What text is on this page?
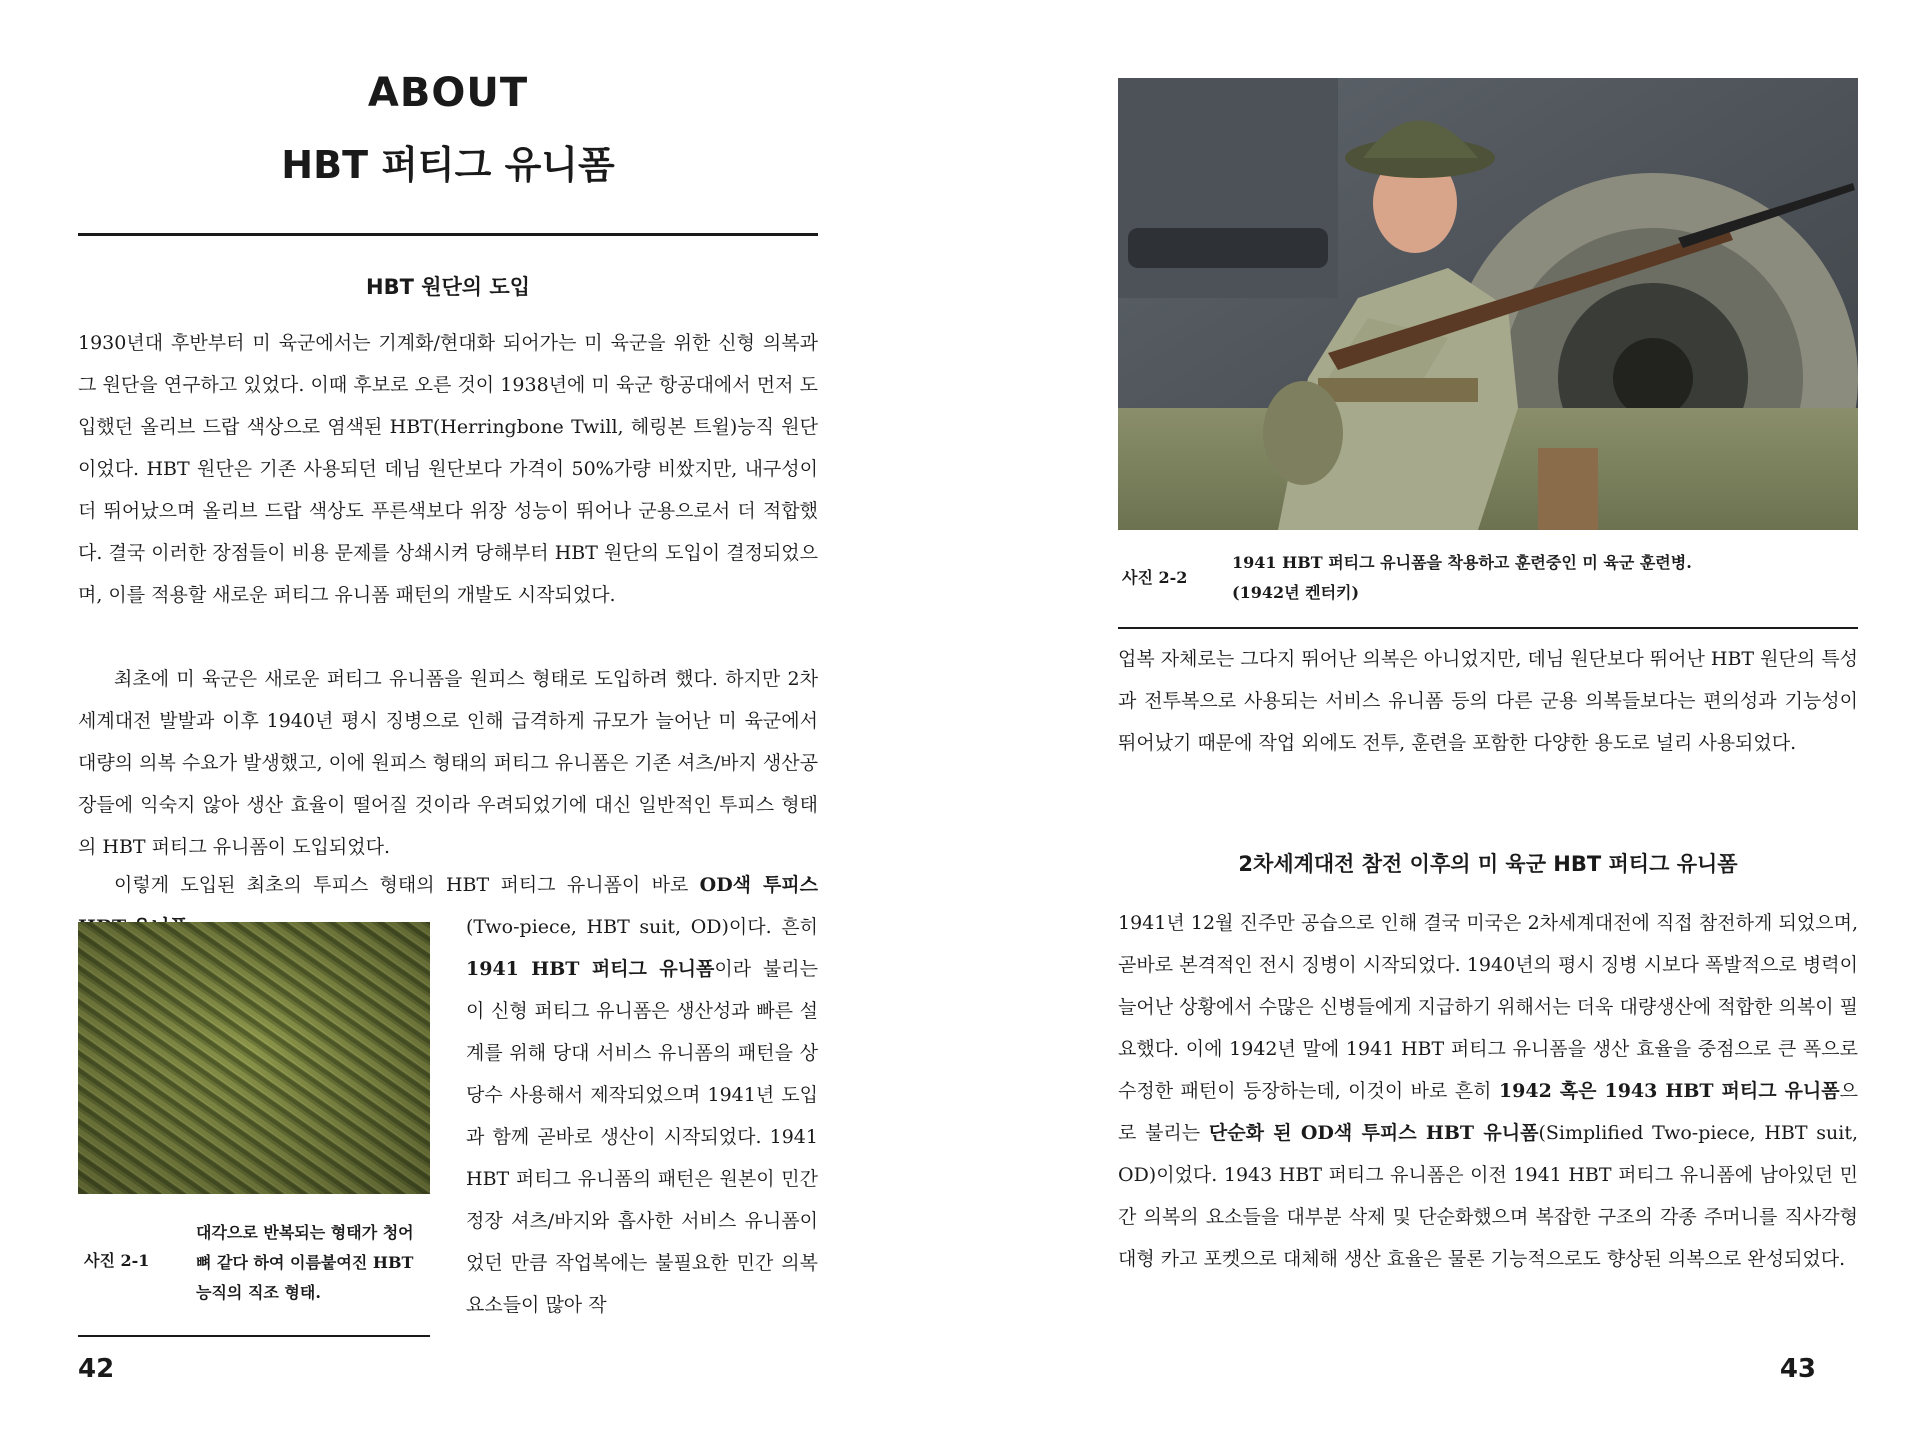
ABOUT
HBT 퍼티그 유니폼
HBT 원단의 도입

1930년대 후반부터 미 육군에서는 기계화/현대화 되어가는 미 육군을 위한 신형 의복과 그 원단을 연구하고 있었다. 이때 후보로 오른 것이 1938년에 미 육군 항공대에서 먼저 도입했던 올리브 드랍 색상으로 염색된 HBT(Herringbone Twill, 헤링본 트윌)능직 원단이었다. HBT 원단은 기존 사용되던 데님 원단보다 가격이 50%가량 비쌌지만, 내구성이 더 뛰어났으며 올리브 드랍 색상도 푸른색보다 위장 성능이 뛰어나 군용으로서 더 적합했다. 결국 이러한 장점들이 비용 문제를 상쇄시켜 당해부터 HBT 원단의 도입이 결정되었으며, 이를 적용할 새로운 퍼티그 유니폼 패턴의 개발도 시작되었다.

최초에 미 육군은 새로운 퍼티그 유니폼을 원피스 형태로 도입하려 했다. 하지만 2차세계대전 발발과 이후 1940년 평시 징병으로 인해 급격하게 규모가 늘어난 미 육군에서 대량의 의복 수요가 발생했고, 이에 원피스 형태의 퍼티그 유니폼은 기존 셔츠/바지 생산공장들에 익숙지 않아 생산 효율이 떨어질 것이라 우려되었기에 대신 일반적인 투피스 형태의 HBT 퍼티그 유니폼이 도입되었다.

이렇게 도입된 최초의 투피스 형태의 HBT 퍼티그 유니폼이 바로 OD색 투피스

(Two-piece, HBT suit, OD)이다. 흔히 1941 HBT 퍼티그 유니폼이라 불리는 이 신형 퍼티그 유니폼은 생산성과 빠른 설계를 위해 당대 서비스 유니폼의 패턴을 상당수 사용해서 제작되었으며 1941년 도입과 함께 곧바로 생산이 시작되었다. 1941 HBT 퍼티그 유니폼의 패턴은 원본이 민간 정장 셔츠/바지와 흡사한 서비스 유니폼이었던 만큼 작업복에는 불필요한 민간 의복 요소들이 많아 작

사진 2-1
대각으로 반복되는 형태가 청어 뼈 같다 하여 이름붙여진 HBT 능직의 직조 형태.
42
사진 2-2
1941 HBT 퍼티그 유니폼을 착용하고 훈련중인 미 육군 훈련병.
(1942년 켄터키)

업복 자체로는 그다지 뛰어난 의복은 아니었지만, 데님 원단보다 뛰어난 HBT 원단의 특성과 전투복으로 사용되는 서비스 유니폼 등의 다른 군용 의복들보다는 편의성과 기능성이 뛰어났기 때문에 작업 외에도 전투, 훈련을 포함한 다양한 용도로 널리 사용되었다.

2차세계대전 참전 이후의 미 육군 HBT 퍼티그 유니폼

1941년 12월 진주만 공습으로 인해 결국 미국은 2차세계대전에 직접 참전하게 되었으며, 곧바로 본격적인 전시 징병이 시작되었다. 1940년의 평시 징병 시보다 폭발적으로 병력이 늘어난 상황에서 수많은 신병들에게 지급하기 위해서는 더욱 대량생산에 적합한 의복이 필요했다. 이에 1942년 말에 1941 HBT 퍼티그 유니폼을 생산 효율을 중점으로 큰 폭으로 수정한 패턴이 등장하는데, 이것이 바로 흔히 1942 혹은 1943 HBT 퍼티그 유니폼으로 불리는 단순화 된 OD색 투피스 HBT 유니폼(Simplified Two-piece, HBT suit, OD)이었다. 1943 HBT 퍼티그 유니폼은 이전 1941 HBT 퍼티그 유니폼에 남아있던 민간 의복의 요소들을 대부분 삭제 및 단순화했으며 복잡한 구조의 각종 주머니를 직사각형 대형 카고 포켓으로 대체해 생산 효율은 물론 기능적으로도 향상된 의복으로 완성되었다.

43
